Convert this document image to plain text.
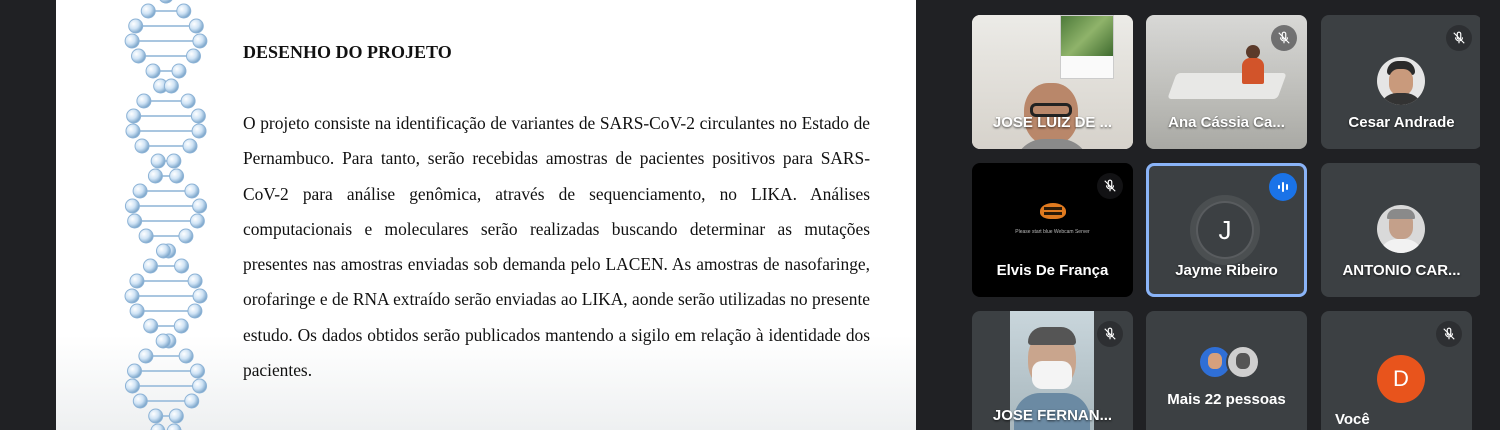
DESENHO DO PROJETO

O projeto consiste na identificação de variantes de SARS-CoV-2 circulantes no Estado de Pernambuco. Para tanto, serão recebidas amostras de pacientes positivos para SARS-CoV-2 para análise genômica, através de sequenciamento, no LIKA. Análises computacionais e moleculares serão realizadas buscando determinar as mutações presentes nas amostras enviadas sob demanda pelo LACEN. As amostras de nasofaringe, orofaringe e de RNA extraído serão enviadas ao LIKA, aonde serão utilizadas no presente estudo. Os dados obtidos serão publicados mantendo a sigilo em relação à identidade dos pacientes.

JOSE LUIZ DE ...	Ana Cássia Ca...	Cesar Andrade
Please start blue Webcam Server
Elvis De França
J
Jayme Ribeiro	ANTONIO CAR...
JOSE FERNAN...
Mais 22 pessoas
D
Você
